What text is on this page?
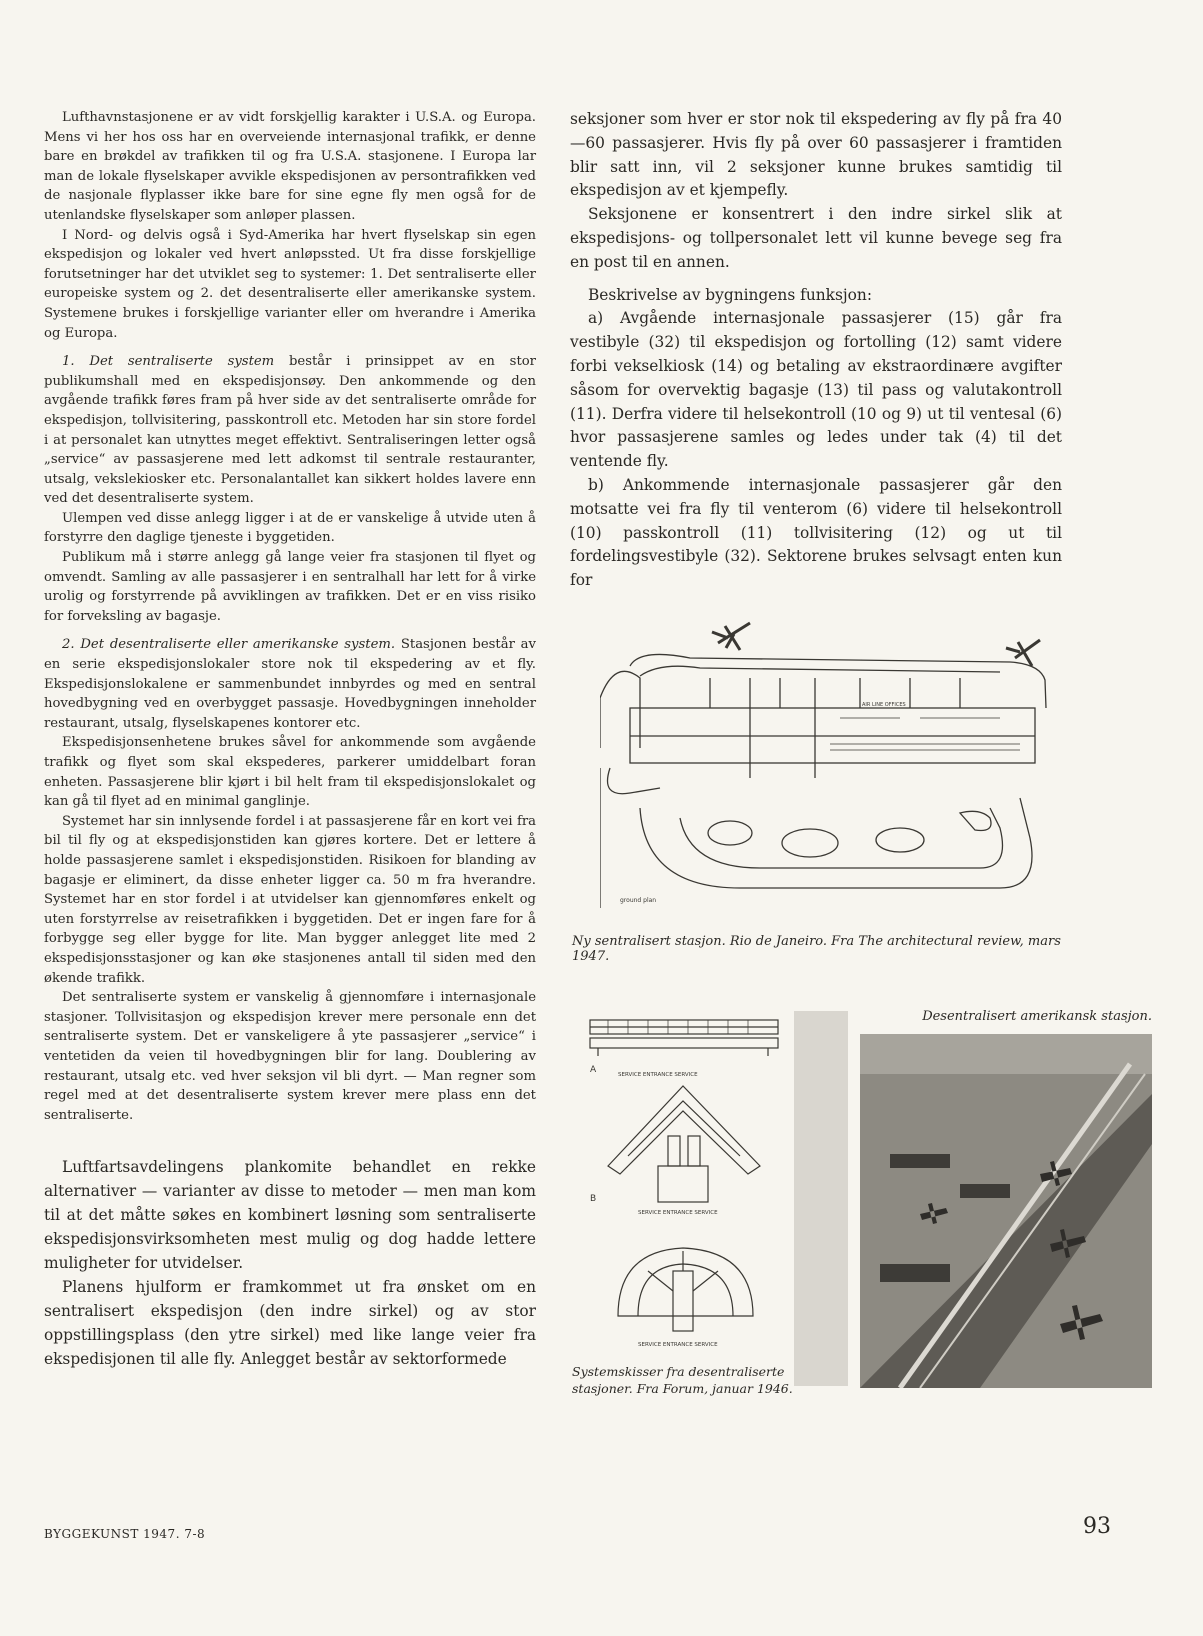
Lufthavnstasjonene er av vidt forskjellig karakter i U.S.A. og Europa. Mens vi her hos oss har en overveiende internasjonal trafikk, er denne bare en brøkdel av trafikken til og fra U.S.A. stasjonene. I Europa lar man de lokale flyselskaper avvikle ekspedisjonen av persontrafikken ved de nasjonale flyplasser ikke bare for sine egne fly men også for de utenlandske flyselskaper som anløper plassen.

I Nord- og delvis også i Syd-Amerika har hvert flyselskap sin egen ekspedisjon og lokaler ved hvert anløpssted. Ut fra disse forskjellige forutsetninger har det utviklet seg to systemer: 1. Det sentraliserte eller europeiske system og 2. det desentraliserte eller amerikanske system. Systemene brukes i forskjellige varianter eller om hverandre i Amerika og Europa.

1. Det sentraliserte system består i prinsippet av en stor publikumshall med en ekspedisjonsøy. Den ankommende og den avgående trafikk føres fram på hver side av det sentraliserte område for ekspedisjon, tollvisitering, passkontroll etc. Metoden har sin store fordel i at personalet kan utnyttes meget effektivt. Sentraliseringen letter også „service“ av passasjerene med lett adkomst til sentrale restauranter, utsalg, vekslekiosker etc. Personalantallet kan sikkert holdes lavere enn ved det desentraliserte system.

Ulempen ved disse anlegg ligger i at de er vanskelige å utvide uten å forstyrre den daglige tjeneste i byggetiden.

Publikum må i større anlegg gå lange veier fra stasjonen til flyet og omvendt. Samling av alle passasjerer i en sentralhall har lett for å virke urolig og forstyrrende på avviklingen av trafikken. Det er en viss risiko for forveksling av bagasje.

2. Det desentraliserte eller amerikanske system. Stasjonen består av en serie ekspedisjonslokaler store nok til ekspedering av et fly. Ekspedisjonslokalene er sammenbundet innbyrdes og med en sentral hovedbygning ved en overbygget passasje. Hovedbygningen inneholder restaurant, utsalg, flyselskapenes kontorer etc.

Ekspedisjonsenhetene brukes såvel for ankommende som avgående trafikk og flyet som skal ekspederes, parkerer umiddelbart foran enheten. Passasjerene blir kjørt i bil helt fram til ekspedisjonslokalet og kan gå til flyet ad en minimal ganglinje.

Systemet har sin innlysende fordel i at passasjerene får en kort vei fra bil til fly og at ekspedisjonstiden kan gjøres kortere. Det er lettere å holde passasjerene samlet i ekspedisjonstiden. Risikoen for blanding av bagasje er eliminert, da disse enheter ligger ca. 50 m fra hverandre. Systemet har en stor fordel i at utvidelser kan gjennomføres enkelt og uten forstyrrelse av reisetrafikken i byggetiden. Det er ingen fare for å forbygge seg eller bygge for lite. Man bygger anlegget lite med 2 ekspedisjonsstasjoner og kan øke stasjonenes antall til siden med den økende trafikk.

Det sentraliserte system er vanskelig å gjennomføre i internasjonale stasjoner. Tollvisitasjon og ekspedisjon krever mere personale enn det sentraliserte system. Det er vanskeligere å yte passasjerer „service“ i ventetiden da veien til hovedbygningen blir for lang. Doublering av restaurant, utsalg etc. ved hver seksjon vil bli dyrt. — Man regner som regel med at det desentraliserte system krever mere plass enn det sentraliserte.

Luftfartsavdelingens plankomite behandlet en rekke alternativer — varianter av disse to metoder — men man kom til at det måtte søkes en kombinert løsning som sentraliserte ekspedisjonsvirksomheten mest mulig og dog hadde lettere muligheter for utvidelser.

Planens hjulform er framkommet ut fra ønsket om en sentralisert ekspedisjon (den indre sirkel) og av stor oppstillingsplass (den ytre sirkel) med like lange veier fra ekspedisjonen til alle fly. Anlegget består av sektorformede

seksjoner som hver er stor nok til ekspedering av fly på fra 40—60 passasjerer. Hvis fly på over 60 passasjerer i framtiden blir satt inn, vil 2 seksjoner kunne brukes samtidig til ekspedisjon av et kjempefly.

Seksjonene er konsentrert i den indre sirkel slik at ekspedisjons- og tollpersonalet lett vil kunne bevege seg fra en post til en annen.

Beskrivelse av bygningens funksjon:

a) Avgående internasjonale passasjerer (15) går fra vestibyle (32) til ekspedisjon og fortolling (12) samt videre forbi vekselkiosk (14) og betaling av ekstraordinære avgifter såsom for overvektig bagasje (13) til pass og valutakontroll (11). Derfra videre til helsekontroll (10 og 9) ut til ventesal (6) hvor passasjerene samles og ledes under tak (4) til det ventende fly.

b) Ankommende internasjonale passasjerer går den motsatte vei fra fly til venterom (6) videre til helsekontroll (10) passkontroll (11) tollvisitering (12) og ut til fordelingsvestibyle (32). Sektorene brukes selvsagt enten kun for

AIR LINE OFFICES
ground plan
Ny sentralisert stasjon. Rio de Janeiro. Fra The architectural review, mars 1947.
A	SERVICE ENTRANCE SERVICE
B
SERVICE ENTRANCE SERVICE
SERVICE ENTRANCE SERVICE
Desentralisert amerikansk stasjon.
Systemskisser fra desentraliserte stasjoner. Fra Forum, januar 1946.
BYGGEKUNST 1947. 7-8	93
